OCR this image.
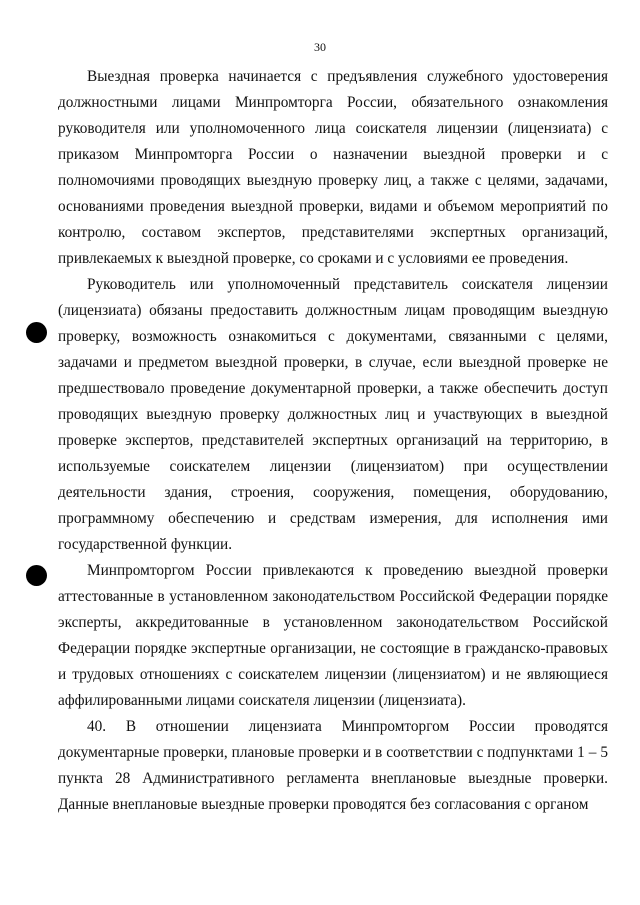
30

Выездная проверка начинается с предъявления служебного удостоверения должностными лицами Минпромторга России, обязательного ознакомления руководителя или уполномоченного лица соискателя лицензии (лицензиата) с приказом Минпромторга России о назначении выездной проверки и с полномочиями проводящих выездную проверку лиц, а также с целями, задачами, основаниями проведения выездной проверки, видами и объемом мероприятий по контролю, составом экспертов, представителями экспертных организаций, привлекаемых к выездной проверке, со сроками и с условиями ее проведения.

Руководитель или уполномоченный представитель соискателя лицензии (лицензиата) обязаны предоставить должностным лицам проводящим выездную проверку, возможность ознакомиться с документами, связанными с целями, задачами и предметом выездной проверки, в случае, если выездной проверке не предшествовало проведение документарной проверки, а также обеспечить доступ проводящих выездную проверку должностных лиц и участвующих в выездной проверке экспертов, представителей экспертных организаций на территорию, в используемые соискателем лицензии (лицензиатом) при осуществлении деятельности здания, строения, сооружения, помещения, оборудованию, программному обеспечению и средствам измерения, для исполнения ими государственной функции.

Минпромторгом России привлекаются к проведению выездной проверки аттестованные в установленном законодательством Российской Федерации порядке эксперты, аккредитованные в установленном законодательством Российской Федерации порядке экспертные организации, не состоящие в гражданско-правовых и трудовых отношениях с соискателем лицензии (лицензиатом) и не являющиеся аффилированными лицами соискателя лицензии (лицензиата).

40. В отношении лицензиата Минпромторгом России проводятся документарные проверки, плановые проверки и в соответствии с подпунктами 1 – 5 пункта 28 Административного регламента внеплановые выездные проверки. Данные внеплановые выездные проверки проводятся без согласования с органом
